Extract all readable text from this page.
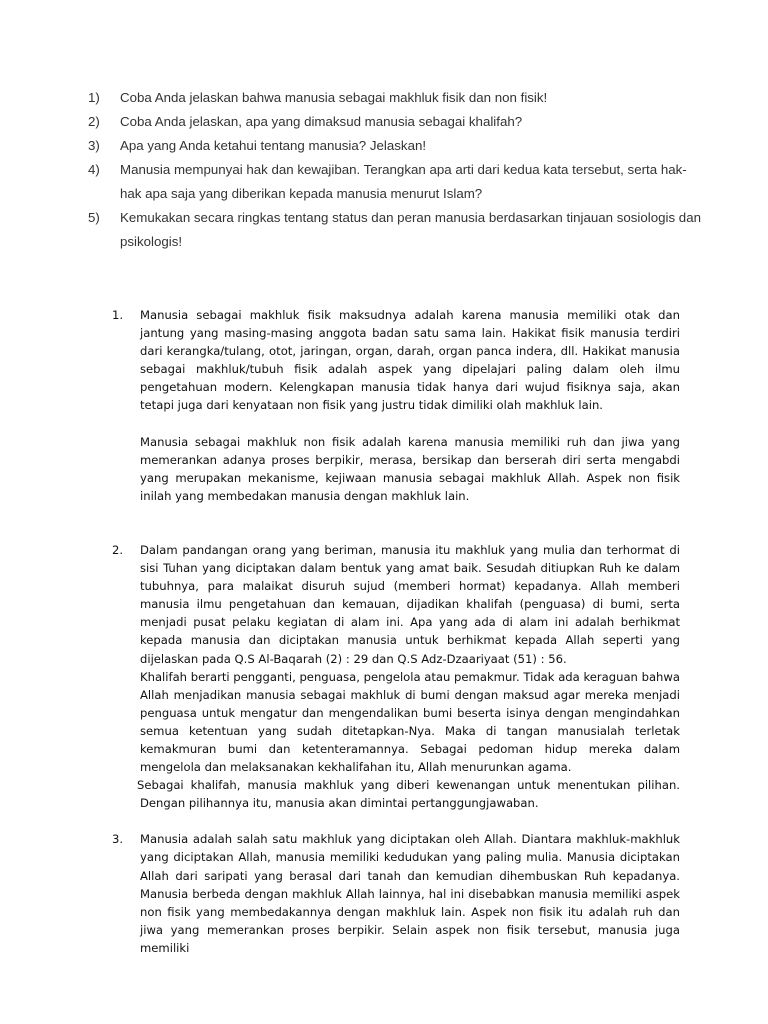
1)	Coba Anda jelaskan bahwa manusia sebagai makhluk fisik dan non fisik!
2)	Coba Anda jelaskan, apa yang dimaksud manusia sebagai khalifah?
3)	Apa yang Anda ketahui tentang manusia? Jelaskan!
4)	Manusia mempunyai hak dan kewajiban. Terangkan apa arti dari kedua kata tersebut, serta hak-hak apa saja yang diberikan kepada manusia menurut Islam?
5)	Kemukakan secara ringkas tentang status dan peran manusia berdasarkan tinjauan sosiologis dan psikologis!
1.	Manusia sebagai makhluk fisik maksudnya adalah karena manusia memiliki otak dan jantung yang masing-masing anggota badan satu sama lain. Hakikat fisik manusia terdiri dari kerangka/tulang, otot, jaringan, organ, darah, organ panca indera, dll. Hakikat manusia sebagai makhluk/tubuh fisik adalah aspek yang dipelajari paling dalam oleh ilmu pengetahuan modern. Kelengkapan manusia tidak hanya dari wujud fisiknya saja, akan tetapi juga dari kenyataan non fisik yang justru tidak dimiliki olah makhluk lain.

Manusia sebagai makhluk non fisik adalah karena manusia memiliki ruh dan jiwa yang memerankan adanya proses berpikir, merasa, bersikap dan berserah diri serta mengabdi yang merupakan mekanisme, kejiwaan manusia sebagai makhluk Allah. Aspek non fisik inilah yang membedakan manusia dengan makhluk lain.

2.	Dalam pandangan orang yang beriman, manusia itu makhluk yang mulia dan terhormat di sisi Tuhan yang diciptakan dalam bentuk yang amat baik. Sesudah ditiupkan Ruh ke dalam tubuhnya, para malaikat disuruh sujud (memberi hormat) kepadanya. Allah memberi manusia ilmu pengetahuan dan kemauan, dijadikan khalifah (penguasa) di bumi, serta menjadi pusat pelaku kegiatan di alam ini. Apa yang ada di alam ini adalah berhikmat kepada manusia dan diciptakan manusia untuk berhikmat kepada Allah seperti yang dijelaskan pada Q.S Al-Baqarah (2) : 29 dan Q.S Adz-Dzaariyaat (51) : 56.

Khalifah berarti pengganti, penguasa, pengelola atau pemakmur. Tidak ada keraguan bahwa Allah menjadikan manusia sebagai makhluk di bumi dengan maksud agar mereka menjadi penguasa untuk mengatur dan mengendalikan bumi beserta isinya dengan mengindahkan semua ketentuan yang sudah ditetapkan-Nya. Maka di tangan manusialah terletak kemakmuran bumi dan ketenteramannya. Sebagai pedoman hidup mereka dalam mengelola dan melaksanakan kekhalifahan itu, Allah menurunkan agama.

Sebagai khalifah, manusia makhluk yang diberi kewenangan untuk menentukan pilihan. Dengan pilihannya itu, manusia akan dimintai pertanggungjawaban.

3.	Manusia adalah salah satu makhluk yang diciptakan oleh Allah. Diantara makhluk-makhluk yang diciptakan Allah, manusia memiliki kedudukan yang paling mulia. Manusia diciptakan Allah dari saripati yang berasal dari tanah dan kemudian dihembuskan Ruh kepadanya. Manusia berbeda dengan makhluk Allah lainnya, hal ini disebabkan manusia memiliki aspek non fisik yang membedakannya dengan makhluk lain. Aspek non fisik itu adalah ruh dan jiwa yang memerankan proses berpikir. Selain aspek non fisik tersebut, manusia juga memiliki
